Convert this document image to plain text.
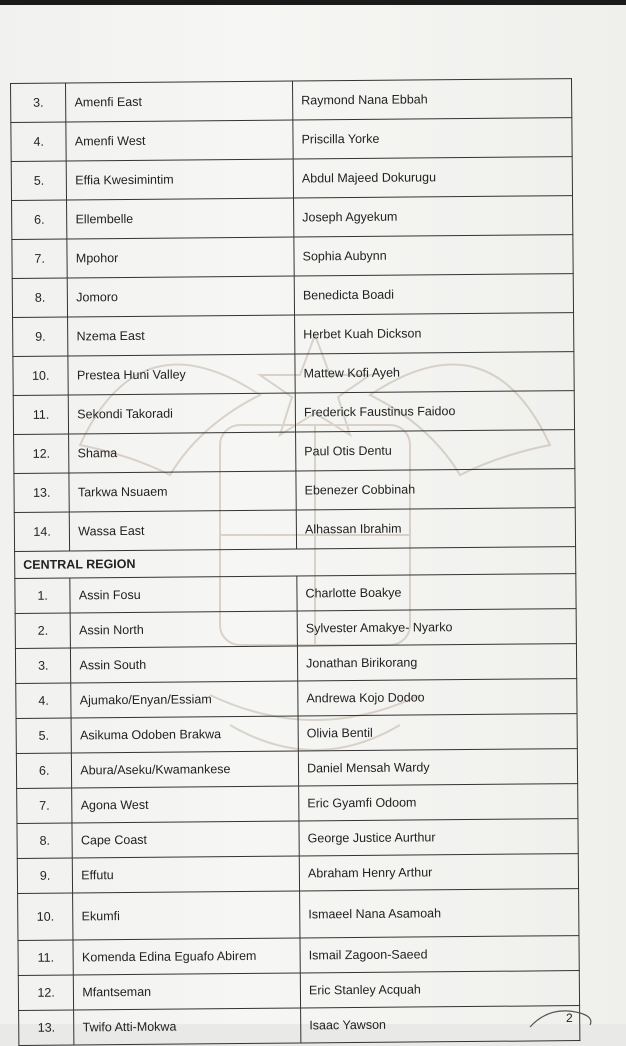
3.	Amenfi East	Raymond Nana Ebbah
4.	Amenfi West	Priscilla Yorke
5.	Effia Kwesimintim	Abdul Majeed Dokurugu
6.	Ellembelle	Joseph Agyekum
7.	Mpohor	Sophia Aubynn
8.	Jomoro	Benedicta Boadi
9.	Nzema East	Herbet Kuah Dickson
10.	Prestea Huni Valley	Mattew Kofi Ayeh
11.	Sekondi Takoradi	Frederick Faustinus Faidoo
12.	Shama	Paul Otis Dentu
13.	Tarkwa Nsuaem	Ebenezer Cobbinah
14.	Wassa East	Alhassan Ibrahim
CENTRAL REGION		
1.	Assin Fosu	Charlotte Boakye
2.	Assin North	Sylvester Amakye- Nyarko
3.	Assin South	Jonathan Birikorang
4.	Ajumako/Enyan/Essiam	Andrewa Kojo Dodoo
5.	Asikuma Odoben Brakwa	Olivia Bentil
6.	Abura/Aseku/Kwamankese	Daniel Mensah Wardy
7.	Agona West	Eric Gyamfi Odoom
8.	Cape Coast	George Justice Aurthur
9.	Effutu	Abraham Henry Arthur
10.	Ekumfi	Ismaeel Nana Asamoah
11.	Komenda Edina Eguafo Abirem	Ismail Zagoon-Saeed
12.	Mfantseman	Eric Stanley Acquah
13.	Twifo Atti-Mokwa	Isaac Yawson	2
